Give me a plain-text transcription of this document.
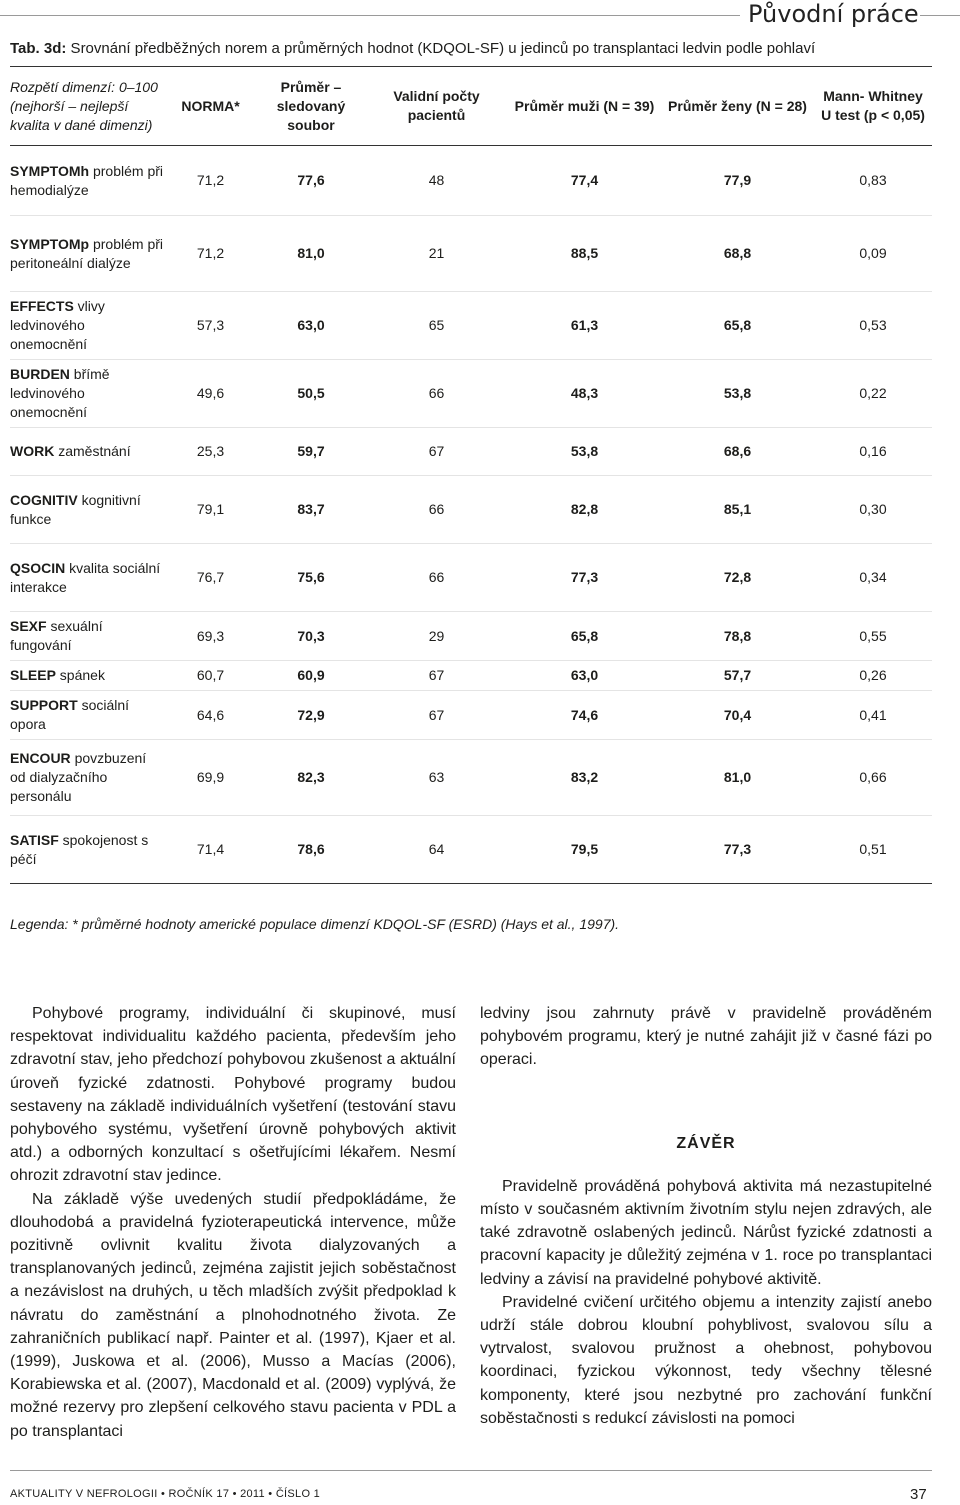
Původní práce
Tab. 3d: Srovnání předběžných norem a průměrných hodnot (KDQOL-SF) u jedinců po transplantaci ledvin podle pohlaví
Rozpětí dimenzí: 0–100 (nejhorší – nejlepší kvalita v dané dimenzi)	NORMA*	Průměr – sledovaný soubor	Validní počty pacientů	Průměr muži (N = 39)	Průměr ženy (N = 28)	Mann- Whitney U test (p < 0,05)
SYMPTOMh problém při hemodialýze	71,2	77,6	48	77,4	77,9	0,83
SYMPTOMp problém při peritoneální dialýze	71,2	81,0	21	88,5	68,8	0,09
EFFECTS vlivy ledvinového onemocnění	57,3	63,0	65	61,3	65,8	0,53
BURDEN břímě ledvinového onemocnění	49,6	50,5	66	48,3	53,8	0,22
WORK zaměstnání	25,3	59,7	67	53,8	68,6	0,16
COGNITIV kognitivní funkce	79,1	83,7	66	82,8	85,1	0,30
QSOCIN kvalita sociální interakce	76,7	75,6	66	77,3	72,8	0,34
SEXF sexuální fungování	69,3	70,3	29	65,8	78,8	0,55
SLEEP spánek	60,7	60,9	67	63,0	57,7	0,26
SUPPORT sociální opora	64,6	72,9	67	74,6	70,4	0,41
ENCOUR povzbuzení od dialyzačního personálu	69,9	82,3	63	83,2	81,0	0,66
SATISF spokojenost s péčí	71,4	78,6	64	79,5	77,3	0,51
Legenda: * průměrné hodnoty americké populace dimenzí KDQOL-SF (ESRD) (Hays et al., 1997).

Pohybové programy, individuální či skupinové, musí respektovat individualitu každého pacienta, především jeho zdravotní stav, jeho předchozí pohybovou zkušenost a aktuální úroveň fyzické zdatnosti. Pohybové programy budou sestaveny na základě individuálních vyšetření (testování stavu pohybového systému, vyšetření úrovně pohybových aktivit atd.) a odborných konzultací s ošetřujícími lékařem. Nesmí ohrozit zdravotní stav jedince.

Na základě výše uvedených studií předpokládáme, že dlouhodobá a pravidelná fyzioterapeutická intervence, může pozitivně ovlivnit kvalitu života dialyzovaných a transplanovaných jedinců, zejména zajistit jejich soběstačnost a nezávislost na druhých, u těch mladších zvýšit předpoklad k návratu do zaměstnání a plnohodnotného života. Ze zahraničních publikací např. Painter et al. (1997), Kjaer et al. (1999), Juskowa et al. (2006), Musso a Macías (2006), Korabiewska et al. (2007), Macdonald et al. (2009) vyplývá, že možné rezervy pro zlepšení celkového stavu pacienta v PDL a po transplantaci

ledviny jsou zahrnuty právě v pravidelně prováděném pohybovém programu, který je nutné zahájit již v časné fázi po operaci.

ZÁVĚR

Pravidelně prováděná pohybová aktivita má nezastupitelné místo v současném aktivním životním stylu nejen zdravých, ale také zdravotně oslabených jedinců. Nárůst fyzické zdatnosti a pracovní kapacity je důležitý zejména v 1. roce po transplantaci ledviny a závisí na pravidelné pohybové aktivitě.

Pravidelné cvičení určitého objemu a intenzity zajistí anebo udrží stále dobrou kloubní pohyblivost, svalovou sílu a vytrvalost, svalovou pružnost a ohebnost, pohybovou koordinaci, fyzickou výkonnost, tedy všechny tělesné komponenty, které jsou nezbytné pro zachování funkční soběstačnosti s redukcí závislosti na pomoci

AKTUALITY V NEFROLOGII • ROČNÍK 17 • 2011 • ČÍSLO 1	37
